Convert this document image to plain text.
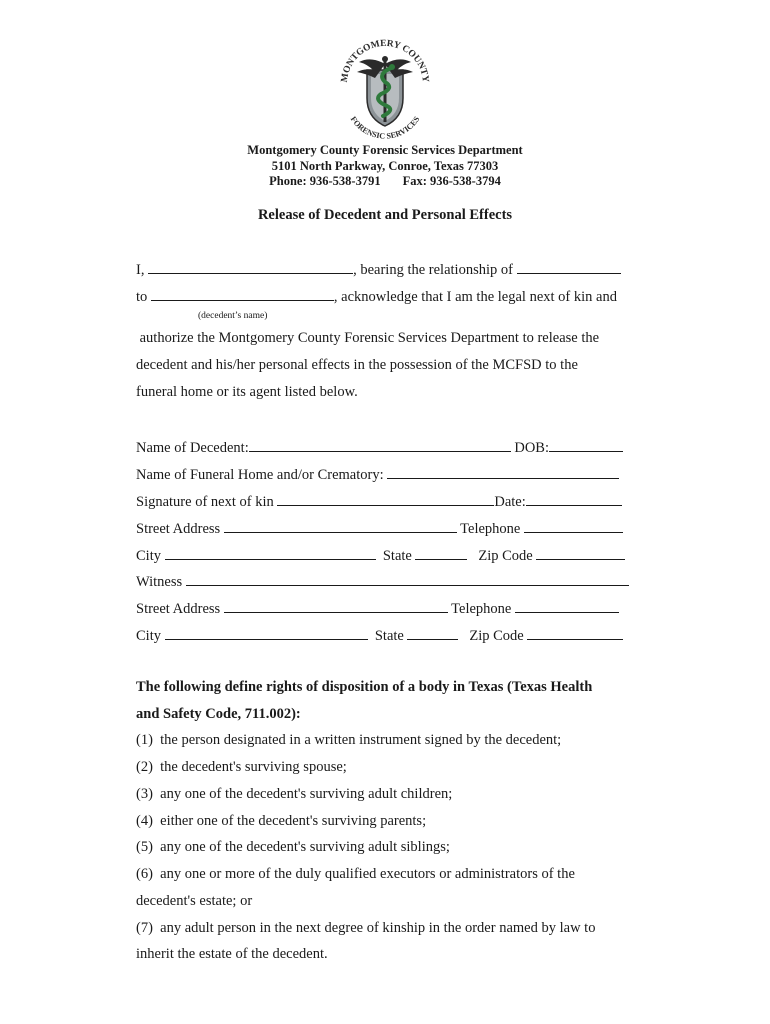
MONTGOMERY COUNTY
FORENSIC SERVICES
Montgomery County Forensic Services Department
5101 North Parkway, Conroe, Texas 77303
Phone: 936-538-3791 Fax: 936-538-3794
Release of Decedent and Personal Effects
I,	, bearing the relationship of
to	, acknowledge that I am the legal next of kin and
(decedent’s name)
authorize the Montgomery County Forensic Services Department to release the
decedent and his/her personal effects in the possession of the MCFSD to the
funeral home or its agent listed below.
Name of Decedent:	DOB:
Name of Funeral Home and/or Crematory:
Signature of next of kin	Date:
Street Address	Telephone
City	State	Zip Code
Witness
Street Address	Telephone
City	State	Zip Code
The following define rights of disposition of a body in Texas (Texas Health
and Safety Code, 711.002):
(1)  the person designated in a written instrument signed by the decedent;
(2)  the decedent's surviving spouse;
(3)  any one of the decedent's surviving adult children;
(4)  either one of the decedent's surviving parents;
(5)  any one of the decedent's surviving adult siblings;
(6)  any one or more of the duly qualified executors or administrators of the
decedent's estate; or
(7)  any adult person in the next degree of kinship in the order named by law to
inherit the estate of the decedent.
